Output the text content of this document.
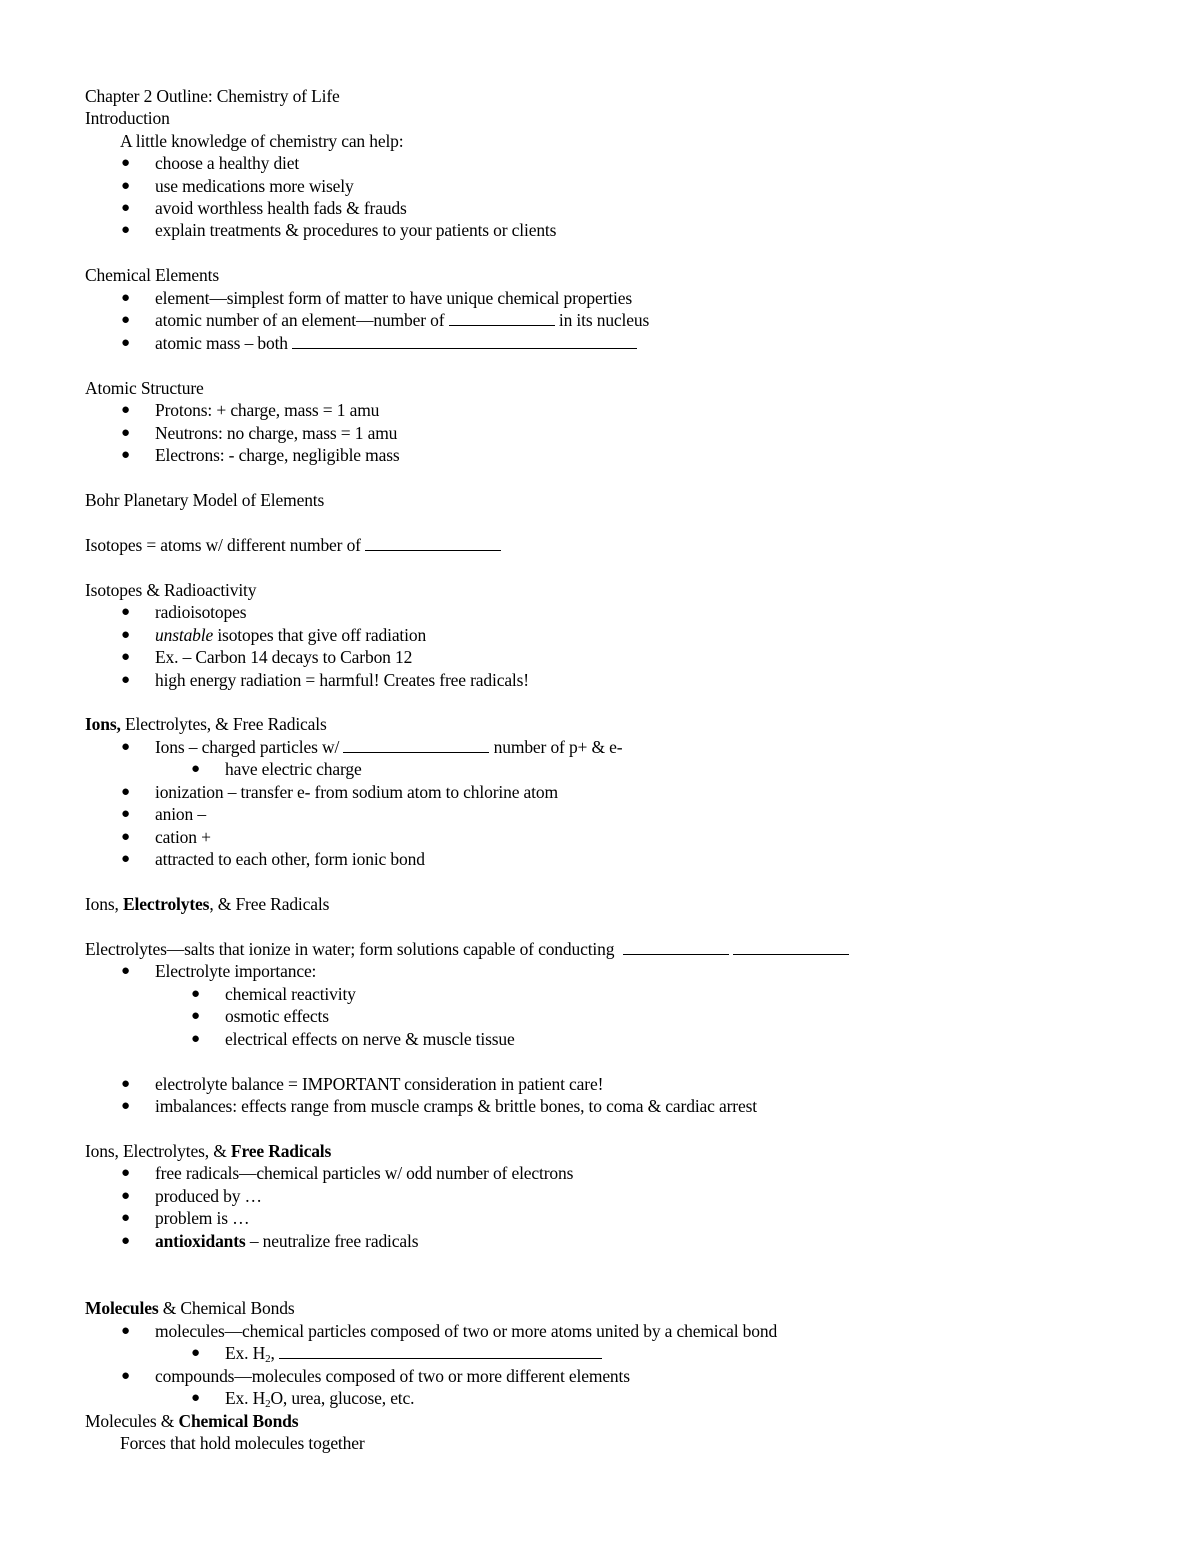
Chapter 2 Outline: Chemistry of Life
Introduction
A little knowledge of chemistry can help:
● choose a healthy diet
● use medications more wisely
● avoid worthless health fads & frauds
● explain treatments & procedures to your patients or clients
Chemical Elements
● element—simplest form of matter to have unique chemical properties
● atomic number of an element—number of	in its nucleus
● atomic mass – both
Atomic Structure
● Protons: + charge, mass = 1 amu
● Neutrons: no charge, mass = 1 amu
● Electrons: - charge, negligible mass
Bohr Planetary Model of Elements
Isotopes = atoms w/ different number of
Isotopes & Radioactivity
● radioisotopes
● unstable isotopes that give off radiation
● Ex. – Carbon 14 decays to Carbon 12
● high energy radiation = harmful! Creates free radicals!
Ions, Electrolytes, & Free Radicals
● Ions – charged particles w/	number of p+ & e-
● have electric charge
● ionization – transfer e- from sodium atom to chlorine atom
● anion –
● cation +
● attracted to each other, form ionic bond
Ions, Electrolytes, & Free Radicals
Electrolytes—salts that ionize in water; form solutions capable of conducting
● Electrolyte importance:
● chemical reactivity
● osmotic effects
● electrical effects on nerve & muscle tissue
● electrolyte balance = IMPORTANT consideration in patient care!
● imbalances: effects range from muscle cramps & brittle bones, to coma & cardiac arrest
Ions, Electrolytes, & Free Radicals
● free radicals—chemical particles w/ odd number of electrons
● produced by …
● problem is …
● antioxidants – neutralize free radicals
Molecules & Chemical Bonds
● molecules—chemical particles composed of two or more atoms united by a chemical bond
● Ex. $H_2$,
● compounds—molecules composed of two or more different elements
● Ex. $H_2O$, urea, glucose, etc.
Molecules & Chemical Bonds
Forces that hold molecules together
